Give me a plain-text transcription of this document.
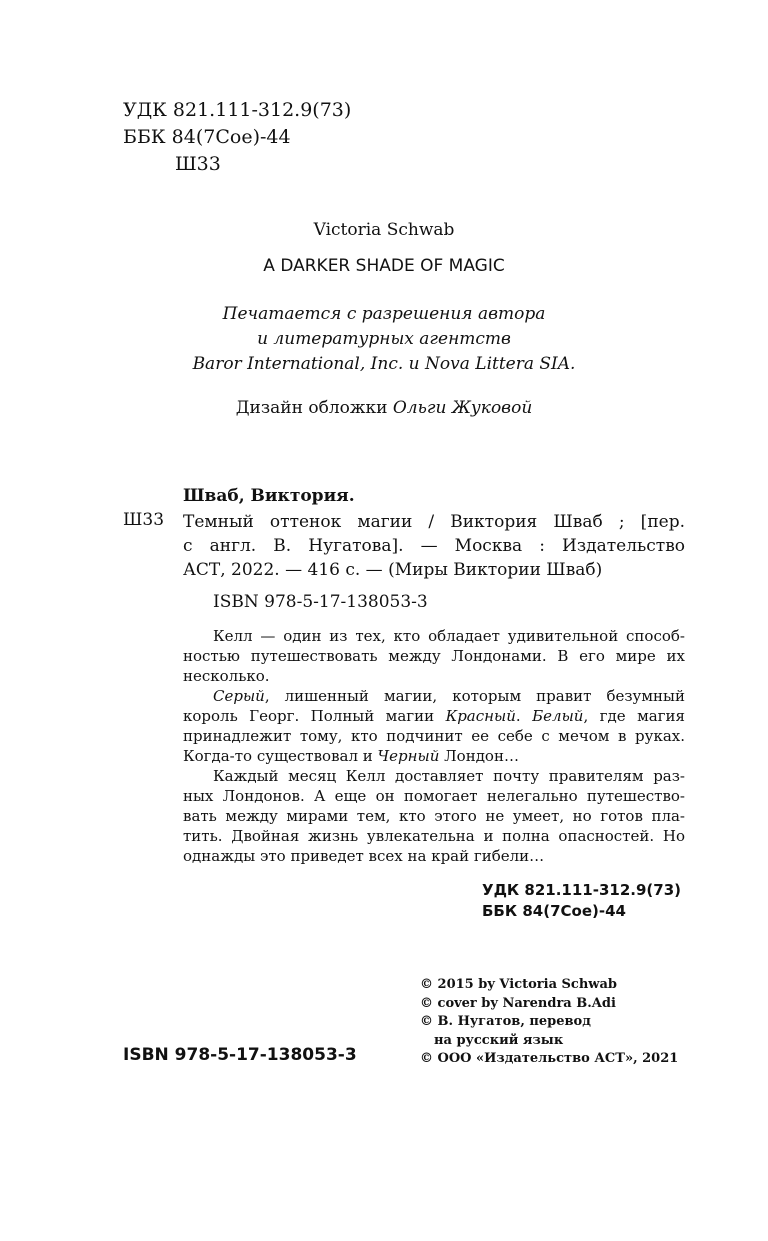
УДК 821.111-312.9(73)
ББК 84(7Сое)-44
Ш33
Victoria Schwab
A DARKER SHADE OF MAGIC
Печатается с разрешения автора
и литературных агентств
Baror International, Inc. и Nova Littera SIA.
Дизайн обложки Ольги Жуковой
Шваб, Виктория.
Ш33 Темный оттенок магии / Виктория Шваб ; [пер.
с англ. В. Нугатова]. — Москва : Издательство
АСТ, 2022. — 416 с. — (Миры Виктории Шваб)
ISBN 978-5-17-138053-3
Келл — один из тех, кто обладает удивительной способ-
ностью путешествовать между Лондонами. В его мире их
несколько.
Серый, лишенный магии, которым правит безумный
король Георг. Полный магии Красный. Белый, где магия
принадлежит тому, кто подчинит ее себе с мечом в руках.
Когда-то существовал и Черный Лондон…
Каждый месяц Келл доставляет почту правителям раз-
ных Лондонов. А еще он помогает нелегально путешество-
вать между мирами тем, кто этого не умеет, но готов пла-
тить. Двойная жизнь увлекательна и полна опасностей. Но
однажды это приведет всех на край гибели…
УДК 821.111-312.9(73)
ББК 84(7Сое)-44
© 2015 by Victoria Schwab
© cover by Narendra B.Adi
© В. Нугатов, перевод
на русский язык
© ООО «Издательство АСТ», 2021
ISBN 978-5-17-138053-3
